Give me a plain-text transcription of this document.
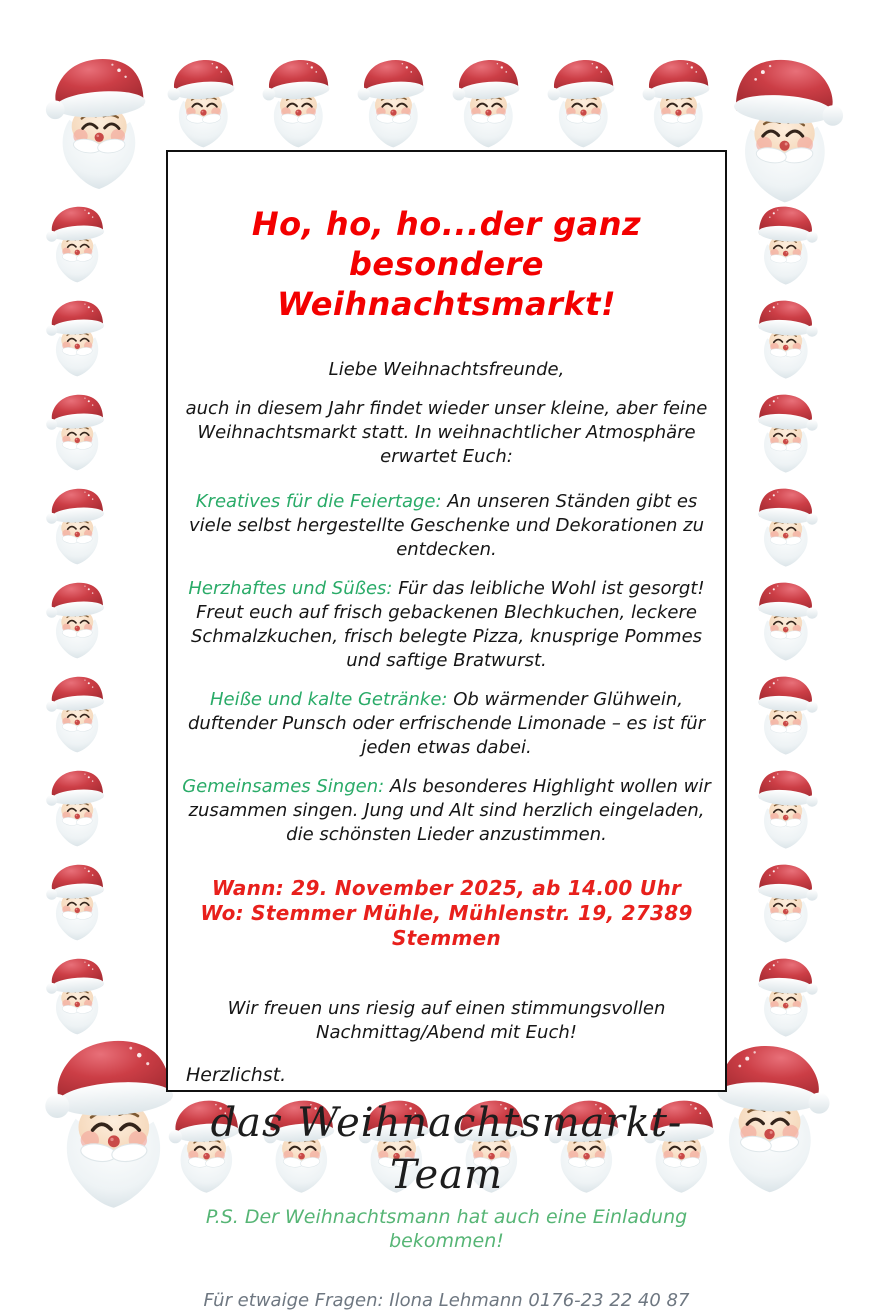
Ho, ho, ho...der ganz besondere
Weihnachtsmarkt!
Liebe Weihnachtsfreunde,
auch in diesem Jahr findet wieder unser kleine, aber feine Weihnachtsmarkt statt. In weihnachtlicher Atmosphäre erwartet Euch:
Kreatives für die Feiertage: An unseren Ständen gibt es viele selbst hergestellte Geschenke und Dekorationen zu entdecken.
Herzhaftes und Süßes: Für das leibliche Wohl ist gesorgt! Freut euch auf frisch gebackenen Blechkuchen, leckere Schmalzkuchen, frisch belegte Pizza, knusprige Pommes und saftige Bratwurst.
Heiße und kalte Getränke: Ob wärmender Glühwein, duftender Punsch oder erfrischende Limonade – es ist für jeden etwas dabei.
Gemeinsames Singen: Als besonderes Highlight wollen wir zusammen singen. Jung und Alt sind herzlich eingeladen, die schönsten Lieder anzustimmen.
Wann: 29. November 2025, ab 14.00 Uhr
Wo: Stemmer Mühle, Mühlenstr. 19, 27389 Stemmen
Wir freuen uns riesig auf einen stimmungsvollen Nachmittag/Abend mit Euch!
Herzlichst.
das Weihnachtsmarkt-Team
P.S. Der Weihnachtsmann hat auch eine Einladung bekommen!
Für etwaige Fragen: Ilona Lehmann 0176-23 22 40 87
